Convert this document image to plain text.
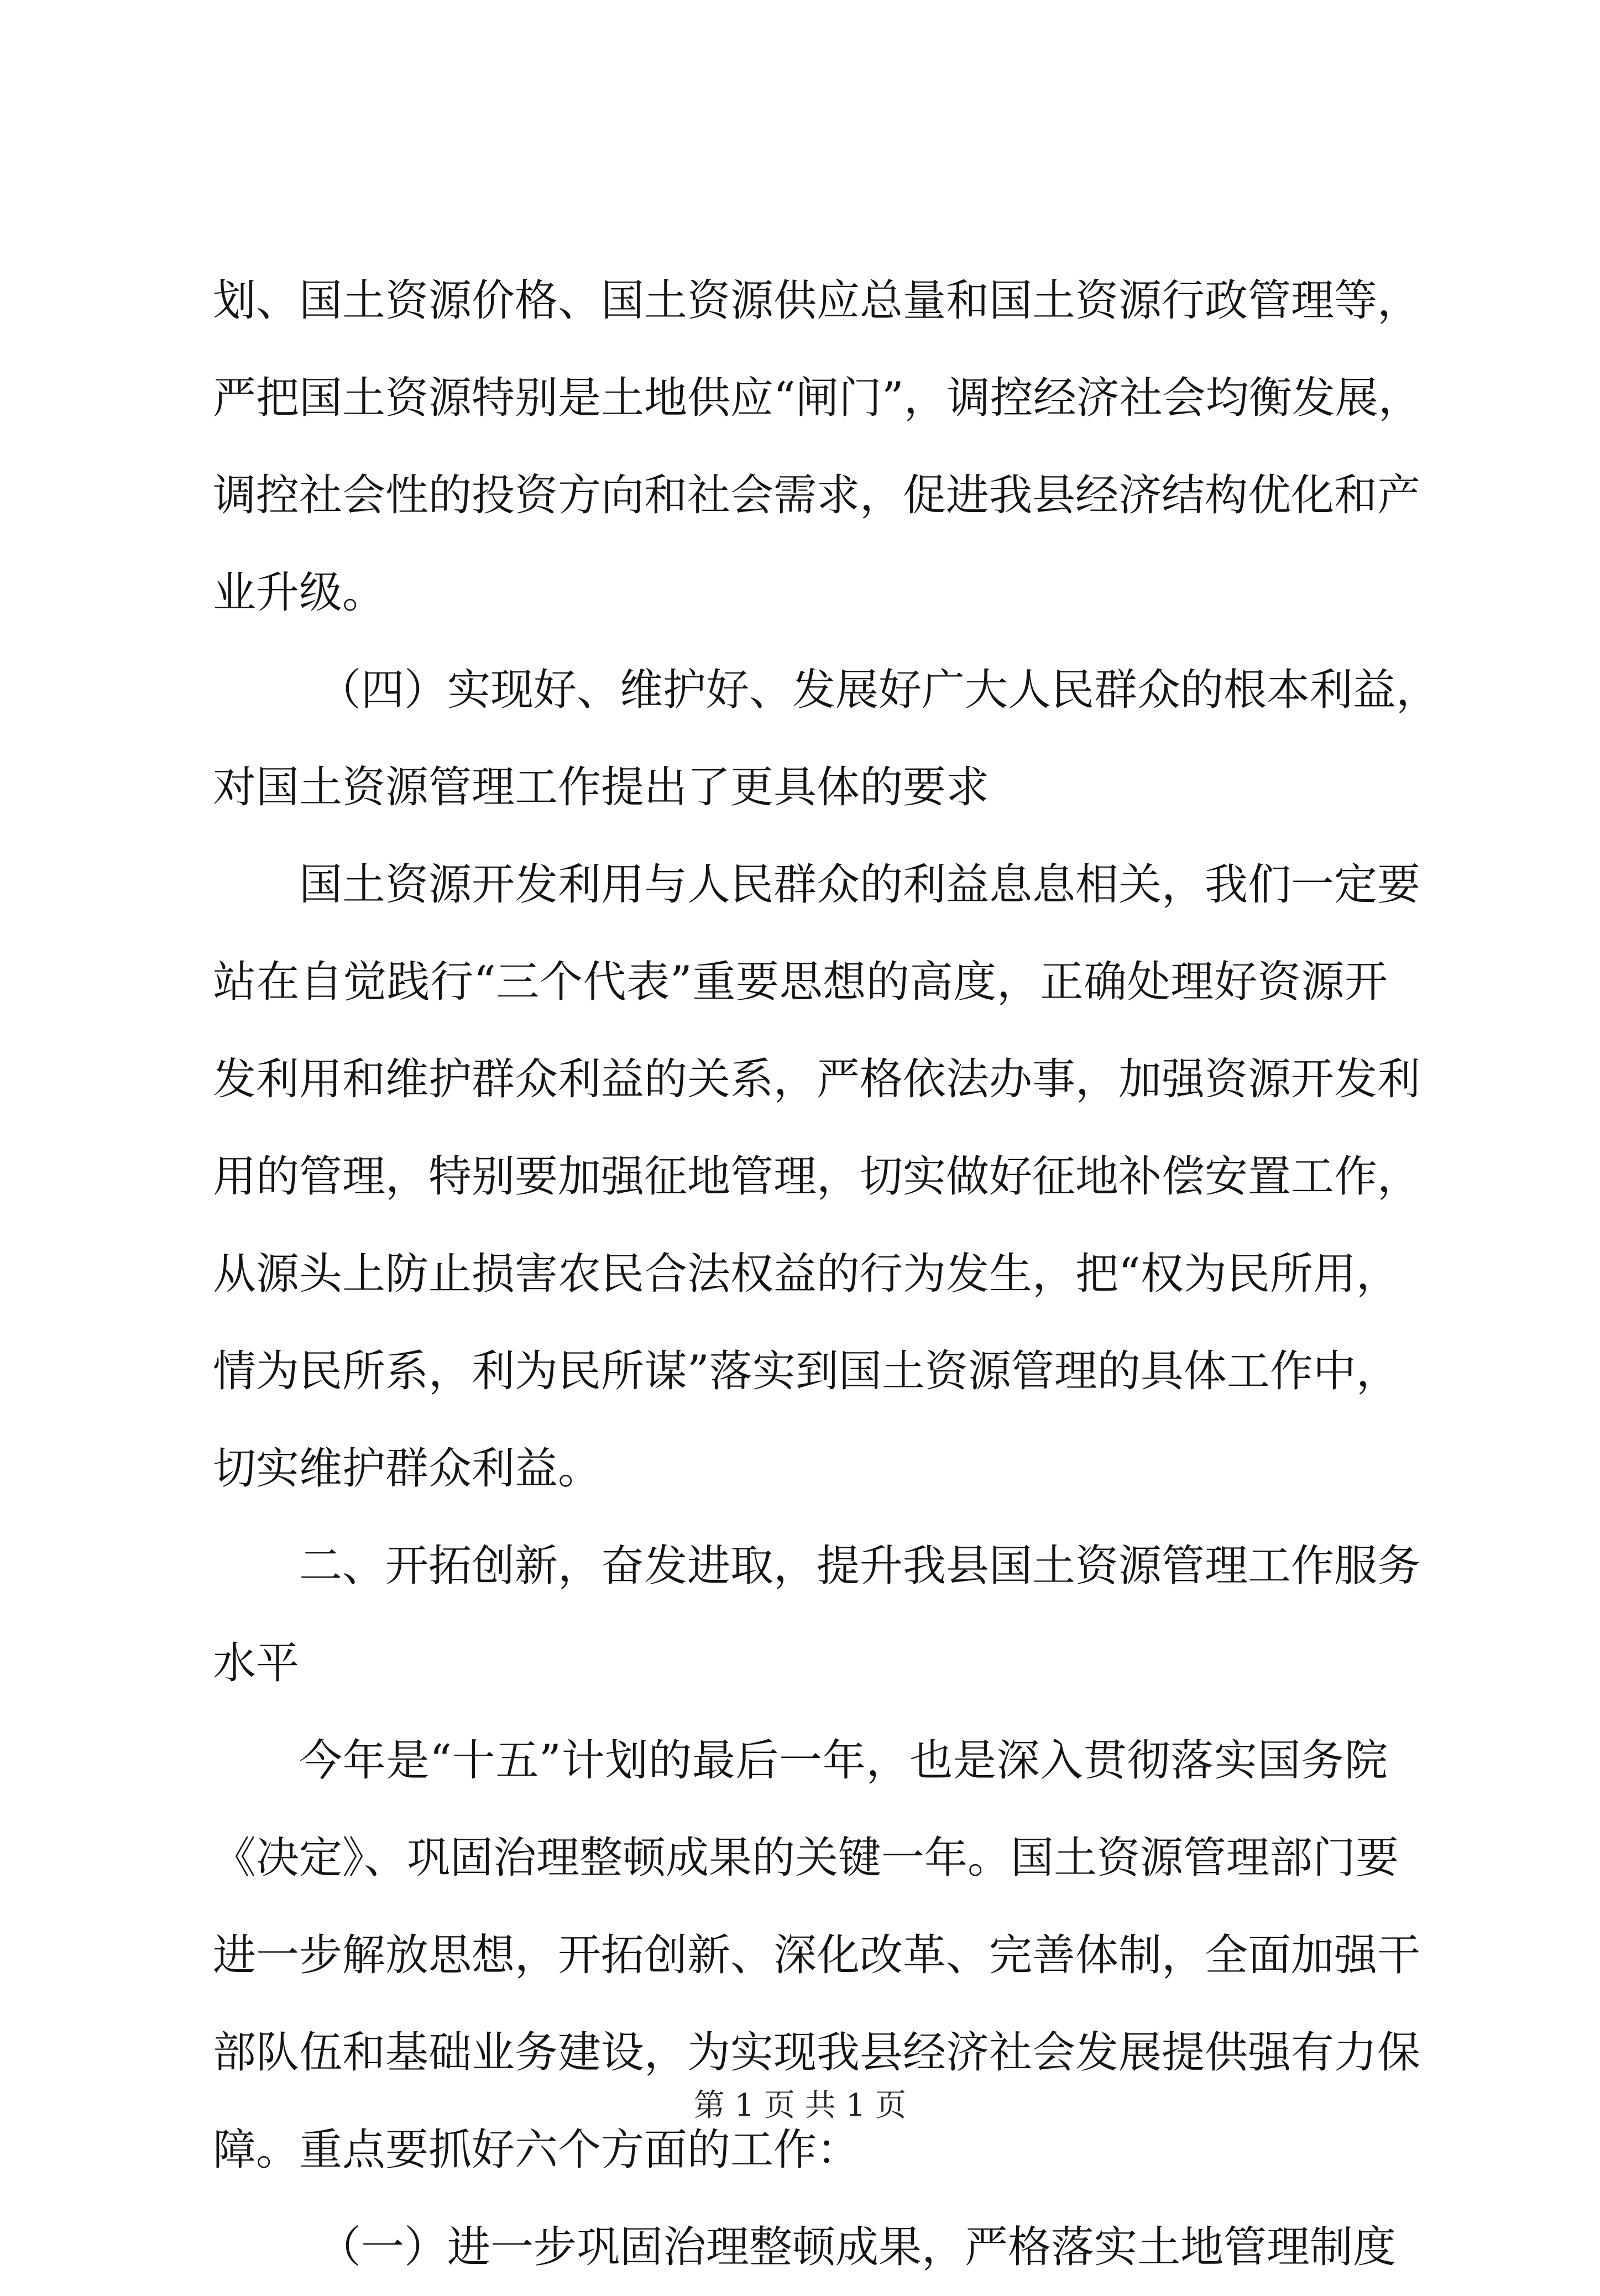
划、国土资源价格、国土资源供应总量和国土资源行政管理等，
严把国土资源特别是土地供应“闸门”，调控经济社会均衡发展，
调控社会性的投资方向和社会需求，促进我县经济结构优化和产
业升级。
（四）实现好、维护好、发展好广大人民群众的根本利益，
对国土资源管理工作提出了更具体的要求
国土资源开发利用与人民群众的利益息息相关，我们一定要
站在自觉践行“三个代表”重要思想的高度，正确处理好资源开
发利用和维护群众利益的关系，严格依法办事，加强资源开发利
用的管理，特别要加强征地管理，切实做好征地补偿安置工作，
从源头上防止损害农民合法权益的行为发生，把“权为民所用，
情为民所系，利为民所谋”落实到国土资源管理的具体工作中，
切实维护群众利益。
二、开拓创新，奋发进取，提升我县国土资源管理工作服务
水平
今年是“十五”计划的最后一年，也是深入贯彻落实国务院
《决定》、巩固治理整顿成果的关键一年。国土资源管理部门要
进一步解放思想，开拓创新、深化改革、完善体制，全面加强干
部队伍和基础业务建设，为实现我县经济社会发展提供强有力保
障。重点要抓好六个方面的工作：
（一）进一步巩固治理整顿成果，严格落实土地管理制度
第 1 页 共 1 页
